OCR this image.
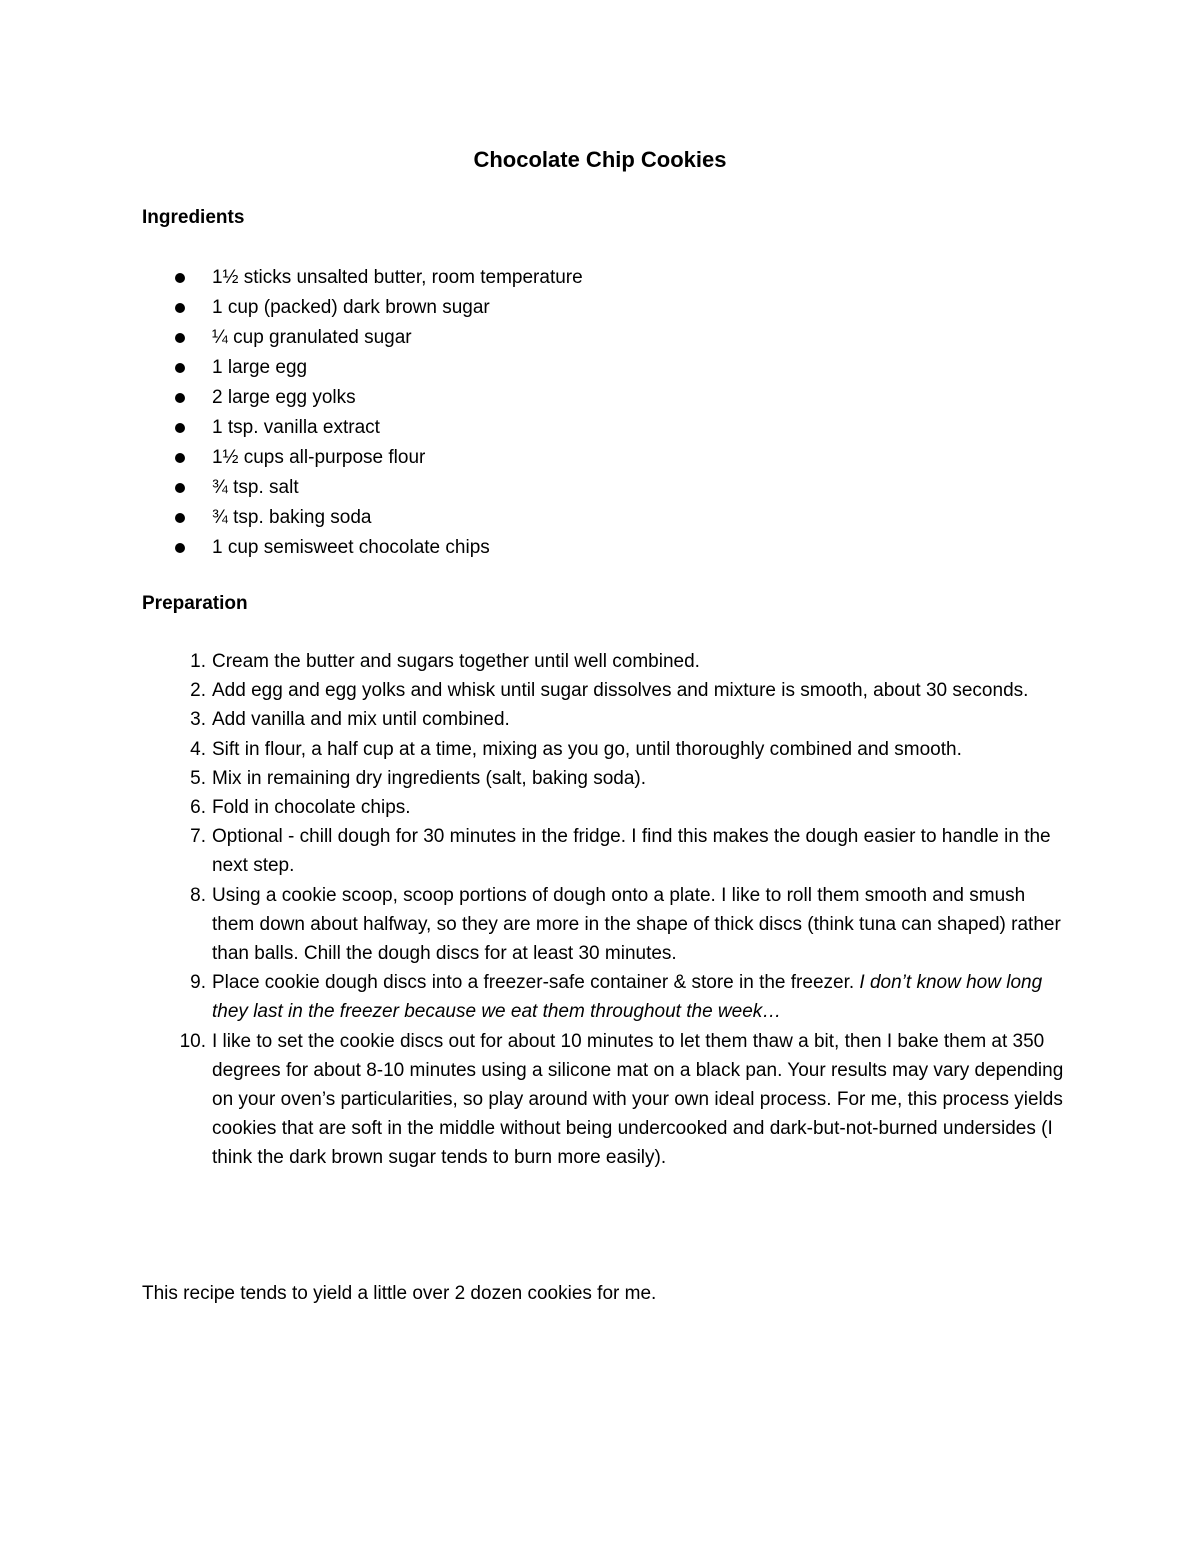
Chocolate Chip Cookies
Ingredients
1½ sticks unsalted butter, room temperature
1 cup (packed) dark brown sugar
¼ cup granulated sugar
1 large egg
2 large egg yolks
1 tsp. vanilla extract
1½ cups all-purpose flour
¾ tsp. salt
¾ tsp. baking soda
1 cup semisweet chocolate chips
Preparation
1. Cream the butter and sugars together until well combined.
2. Add egg and egg yolks and whisk until sugar dissolves and mixture is smooth, about 30 seconds.
3. Add vanilla and mix until combined.
4. Sift in flour, a half cup at a time, mixing as you go, until thoroughly combined and smooth.
5. Mix in remaining dry ingredients (salt, baking soda).
6. Fold in chocolate chips.
7. Optional - chill dough for 30 minutes in the fridge. I find this makes the dough easier to handle in the next step.
8. Using a cookie scoop, scoop portions of dough onto a plate. I like to roll them smooth and smush them down about halfway, so they are more in the shape of thick discs (think tuna can shaped) rather than balls. Chill the dough discs for at least 30 minutes.
9. Place cookie dough discs into a freezer-safe container & store in the freezer. I don’t know how long they last in the freezer because we eat them throughout the week…
10. I like to set the cookie discs out for about 10 minutes to let them thaw a bit, then I bake them at 350 degrees for about 8-10 minutes using a silicone mat on a black pan. Your results may vary depending on your oven’s particularities, so play around with your own ideal process. For me, this process yields cookies that are soft in the middle without being undercooked and dark-but-not-burned undersides (I think the dark brown sugar tends to burn more easily).
This recipe tends to yield a little over 2 dozen cookies for me.
